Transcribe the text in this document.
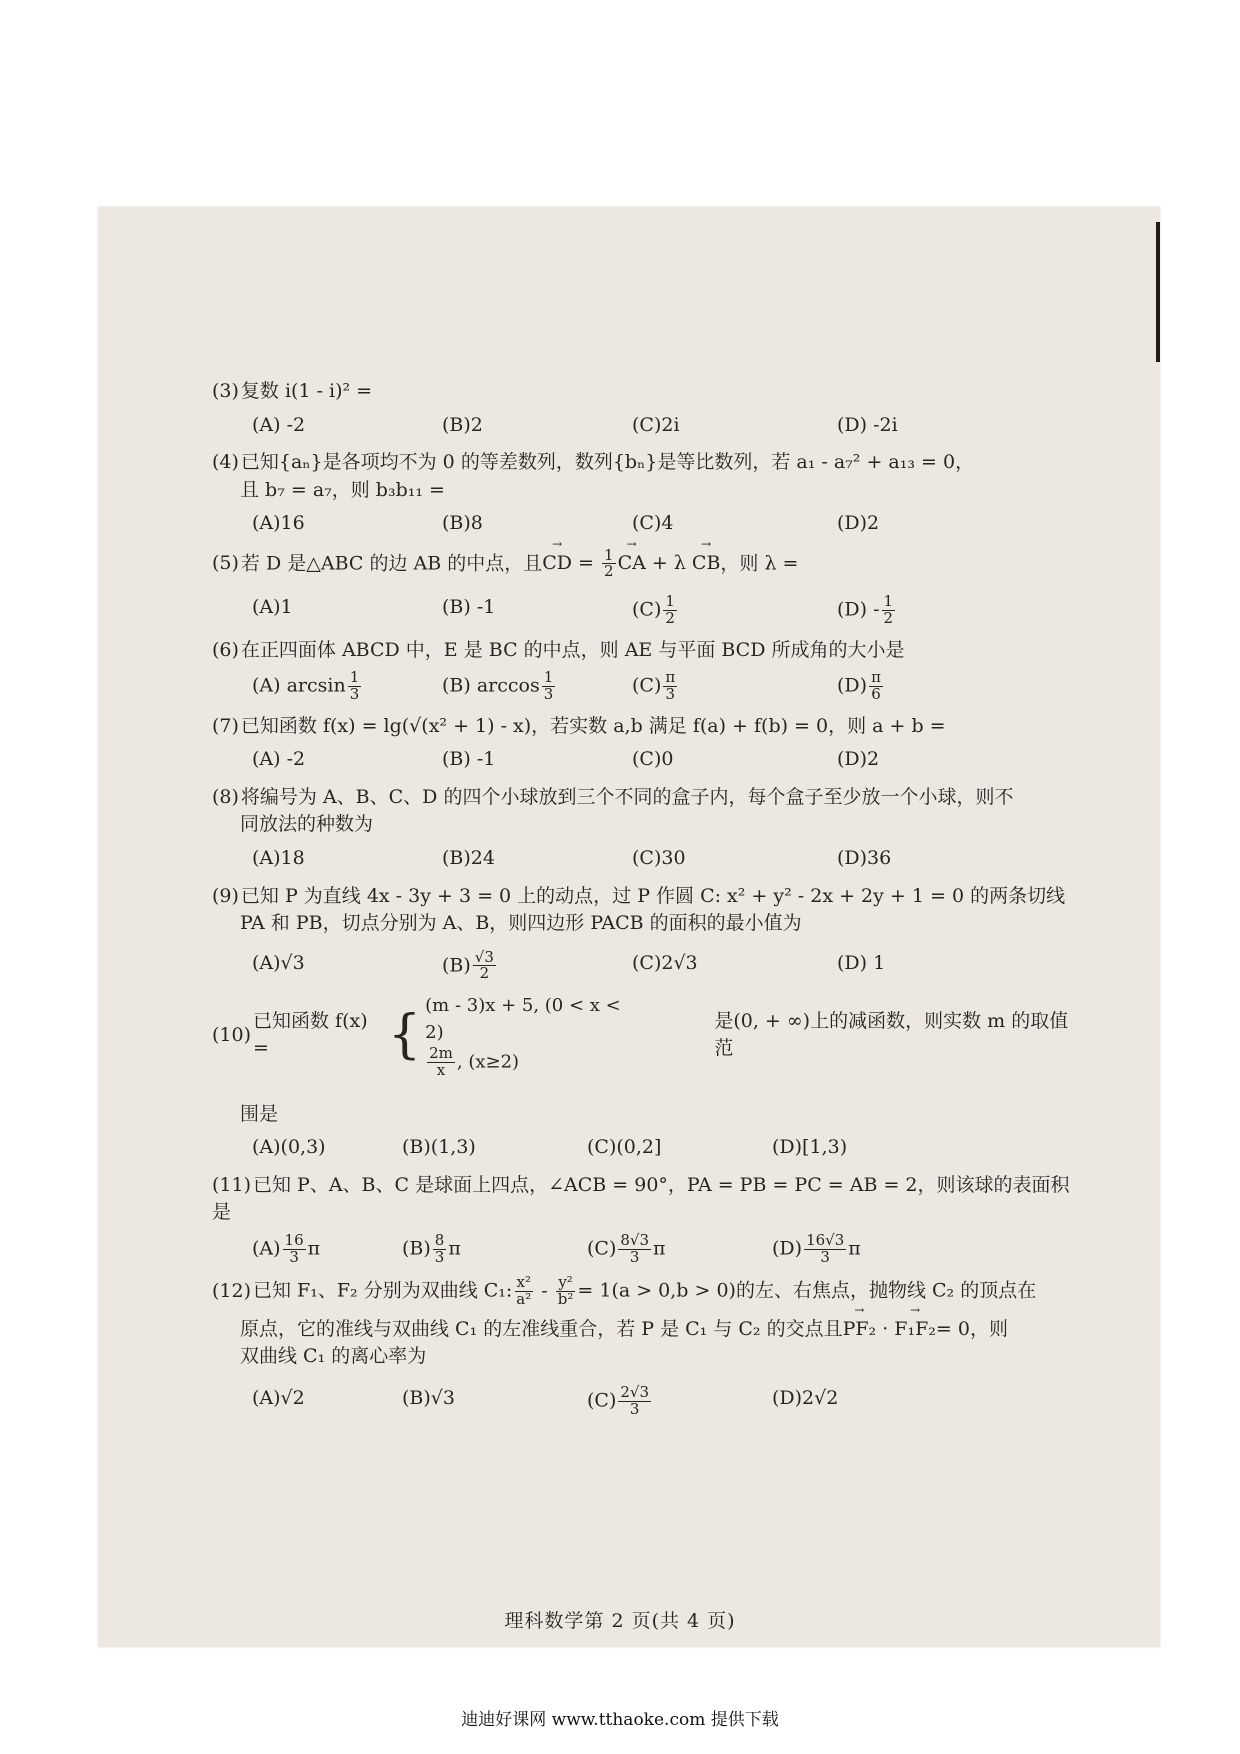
(3) 复数 i(1 - i)² =
(A) -2	(B)2	(C)2i	(D) -2i
(4) 已知{aₙ}是各项均不为 0 的等差数列，数列{bₙ}是等比数列，若 a₁ - a₇² + a₁₃ = 0，
且 b₇ = a₇，则 b₃b₁₁ =
(A)16	(B)8	(C)4	(D)2
(5) 若 D 是△ABC 的边 AB 的中点，且→ CD = $\frac{1}{2}$
→ CA + λ → CB，则 λ =
(A)1	(B) -1	$(C) \frac{1}{2}$	$(D) - \frac{1}{2}$
(6) 在正四面体 ABCD 中，E 是 BC 的中点，则 AE 与平面 BCD 所成角的大小是
(A) $\arcsin \frac{1}{3}$	(B) $\arccos \frac{1}{3}$	$(C) \frac{\pi}{3}$	$(D) \frac{\pi}{6}$
(7) 已知函数 f(x) = lg(√(x² + 1) - x)，若实数 a,b 满足 f(a) + f(b) = 0，则 a + b =
(A) -2	(B) -1	(C)0	(D)2
(8) 将编号为 A、B、C、D 的四个小球放到三个不同的盒子内，每个盒子至少放一个小球，则不
同放法的种数为
(A)18	(B)24	(C)30	(D)36
(9) 已知 P 为直线 4x - 3y + 3 = 0 上的动点，过 P 作圆 C: x² + y² - 2x + 2y + 1 = 0 的两条切线
PA 和 PB，切点分别为 A、B，则四边形 PACB 的面积的最小值为
(A)√3	$(B) \frac{√3}{2}$	(C)2√3	(D) 1
(10)
已知函数 f(x) =	{ (m - 3)x + 5, (0 < x < 2)
$\frac{2m}{x}$ , (x≥2)
是(0, + ∞)上的减函数，则实数 m 的取值范
围是
(A)(0,3)	(B)(1,3)	(C)(0,2]	(D)[1,3)
(11) 已知 P、A、B、C 是球面上四点，∠ACB = 90°，PA = PB = PC = AB = 2，则该球的表面积是
$(A) \frac{16}{3}$ π	$(B) \frac{8}{3}$ π	$(C) \frac{8√3}{3}$ π	$(D) \frac{16√3}{3}$ π
(12) 已知 F₁、F₂ 分别为双曲线 C₁: $\frac{\text{x²}}{\text{a²}} - \frac{\text{y²}}{\text{b²}} = 1(a > 0,b > 0)$的左、右焦点，抛物线 C₂ 的顶点在
原点，它的准线与双曲线 C₁ 的左准线重合，若 P 是 C₁ 与 C₂ 的交点且→ PF₂ · → F₁F₂= 0，则
双曲线 C₁ 的离心率为
(A)√2	(B)√3	$(C) \frac{2√3}{3}$	(D)2√2
理科数学第 2 页(共 4 页)
迪迪好课网 www.tthaoke.com 提供下载
